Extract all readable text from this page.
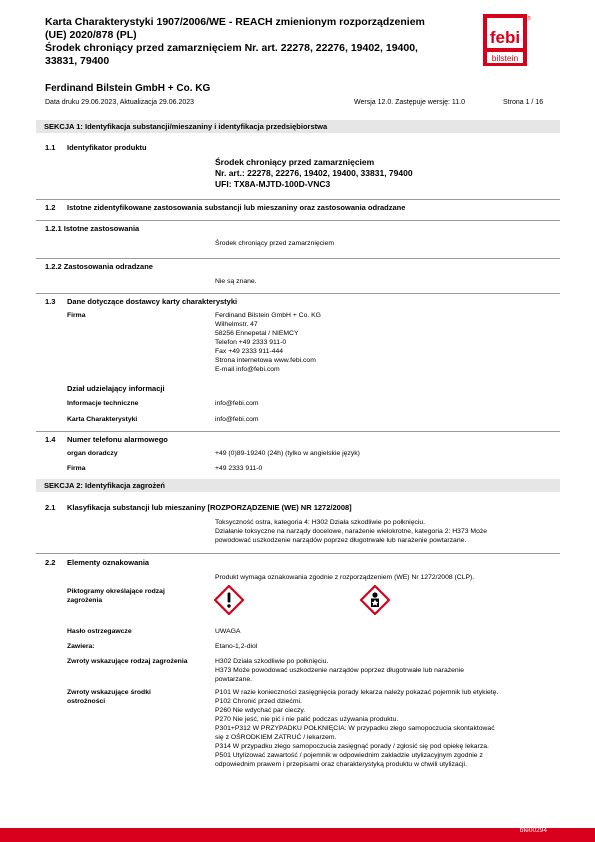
Karta Charakterystyki 1907/2006/WE - REACH zmienionym rozporządzeniem
(UE) 2020/878 (PL)
Środek chroniący przed zamarznięciem Nr. art. 22278, 22276, 19402, 19400,
33831, 79400
febi
bilstein
®
Ferdinand Bilstein GmbH + Co. KG
Data druku 29.06.2023, Aktualizacja 29.06.2023	Wersja 12.0. Zastępuje wersję: 11.0	Strona 1 / 16
SEKCJA 1: Identyfikacja substancji/mieszaniny i identyfikacja przedsiębiorstwa
1.1 Identyfikator produktu
Środek chroniący przed zamarznięciem
Nr. art.: 22278, 22276, 19402, 19400, 33831, 79400
UFI: TX8A-MJTD-100D-VNC3
1.2 Istotne zidentyfikowane zastosowania substancji lub mieszaniny oraz zastosowania odradzane
1.2.1 Istotne zastosowania
Środek chroniący przed zamarznięciem
1.2.2 Zastosowania odradzane
Nie są znane.
1.3 Dane dotyczące dostawcy karty charakterystyki
Firma	Ferdinand Bilstein GmbH + Co. KG
Wilhelmstr. 47
58256 Ennepetal / NIEMCY
Telefon +49 2333 911-0
Fax +49 2333 911-444
Strona internetowa www.febi.com
E-mail info@febi.com
Dział udzielający informacji
Informacje techniczne	info@febi.com
Karta Charakterystyki	info@febi.com
1.4 Numer telefonu alarmowego
organ doradczy	+49 (0)89-19240 (24h) (tylko w angielskie język)
Firma	+49 2333 911-0
SEKCJA 2: Identyfikacja zagrożeń
2.1 Klasyfikacja substancji lub mieszaniny [ROZPORZĄDZENIE (WE) NR 1272/2008]
Toksyczność ostra, kategoria 4: H302 Działa szkodliwie po połknięciu.
Działanie toksyczne na narządy docelowe, narażenie wielokrotne, kategoria 2: H373 Może
powodować uszkodzenie narządów poprzez długotrwałe lub narażenie powtarzane.
2.2 Elementy oznakowania
Produkt wymaga oznakowania zgodnie z rozporządzeniem (WE) Nr 1272/2008 (CLP).
Piktogramy określające rodzaj
zagrożenia
Hasło ostrzegawcze	UWAGA
Zawiera:	Etano-1,2-diol
Zwroty wskazujące rodzaj zagrożenia	H302 Działa szkodliwie po połknięciu.
H373 Może powodować uszkodzenie narządów poprzez długotrwałe lub narażenie
powtarzane.
Zwroty wskazujące środki
ostrożności
P101 W razie konieczności zasięgnięcia porady lekarza należy pokazać pojemnik lub etykietę.
P102 Chronić przed dziećmi.
P260 Nie wdychać par cieczy.
P270 Nie jeść, nie pić i nie palić podczas używania produktu.
P301+P312 W PRZYPADKU POŁKNIĘCIA: W przypadku złego samopoczucia skontaktować
się z OŚRODKIEM ZATRUĆ / lekarzem.
P314 W przypadku złego samopoczucia zasięgnąć porady / zgłosić się pod opiekę lekarza.
P501 Utylizować zawartość / pojemnik w odpowiednim zakładzie utylizacyjnym zgodnie z
odpowiednim prawem i przepisami oraz charakterystyką produktu w chwili utylizacji.
bfe00294
